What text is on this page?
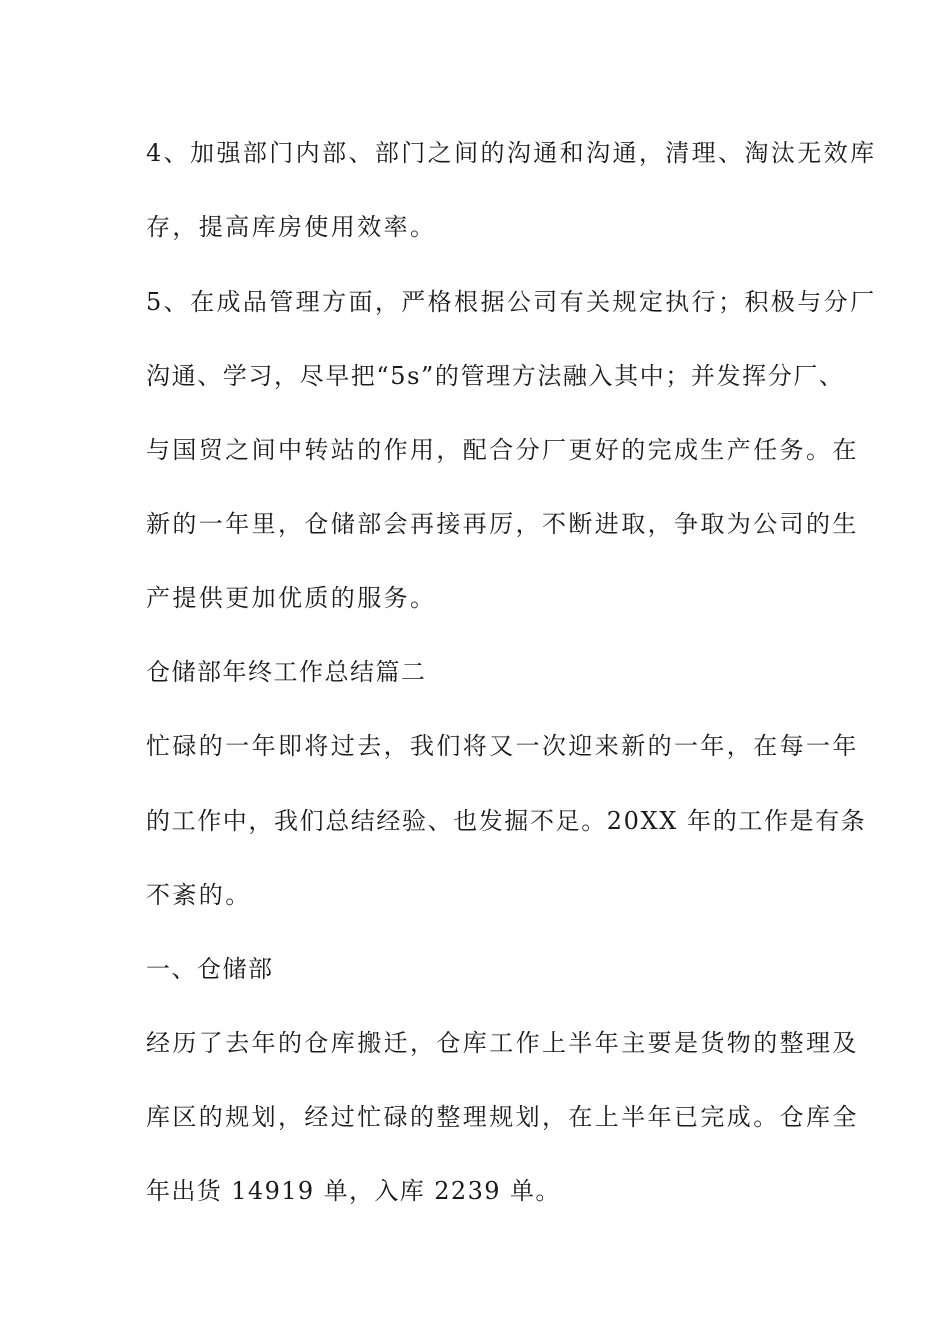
4、加强部门内部、部门之间的沟通和沟通，清理、淘汰无效库
存，提高库房使用效率。
5、在成品管理方面，严格根据公司有关规定执行；积极与分厂
沟通、学习，尽早把“5s”的管理方法融入其中；并发挥分厂、
与国贸之间中转站的作用，配合分厂更好的完成生产任务。在
新的一年里，仓储部会再接再厉，不断进取，争取为公司的生
产提供更加优质的服务。
仓储部年终工作总结篇二
忙碌的一年即将过去，我们将又一次迎来新的一年，在每一年
的工作中，我们总结经验、也发掘不足。20XX 年的工作是有条
不紊的。
一、仓储部
经历了去年的仓库搬迁，仓库工作上半年主要是货物的整理及
库区的规划，经过忙碌的整理规划，在上半年已完成。仓库全
年出货 14919 单，入库 2239 单。
